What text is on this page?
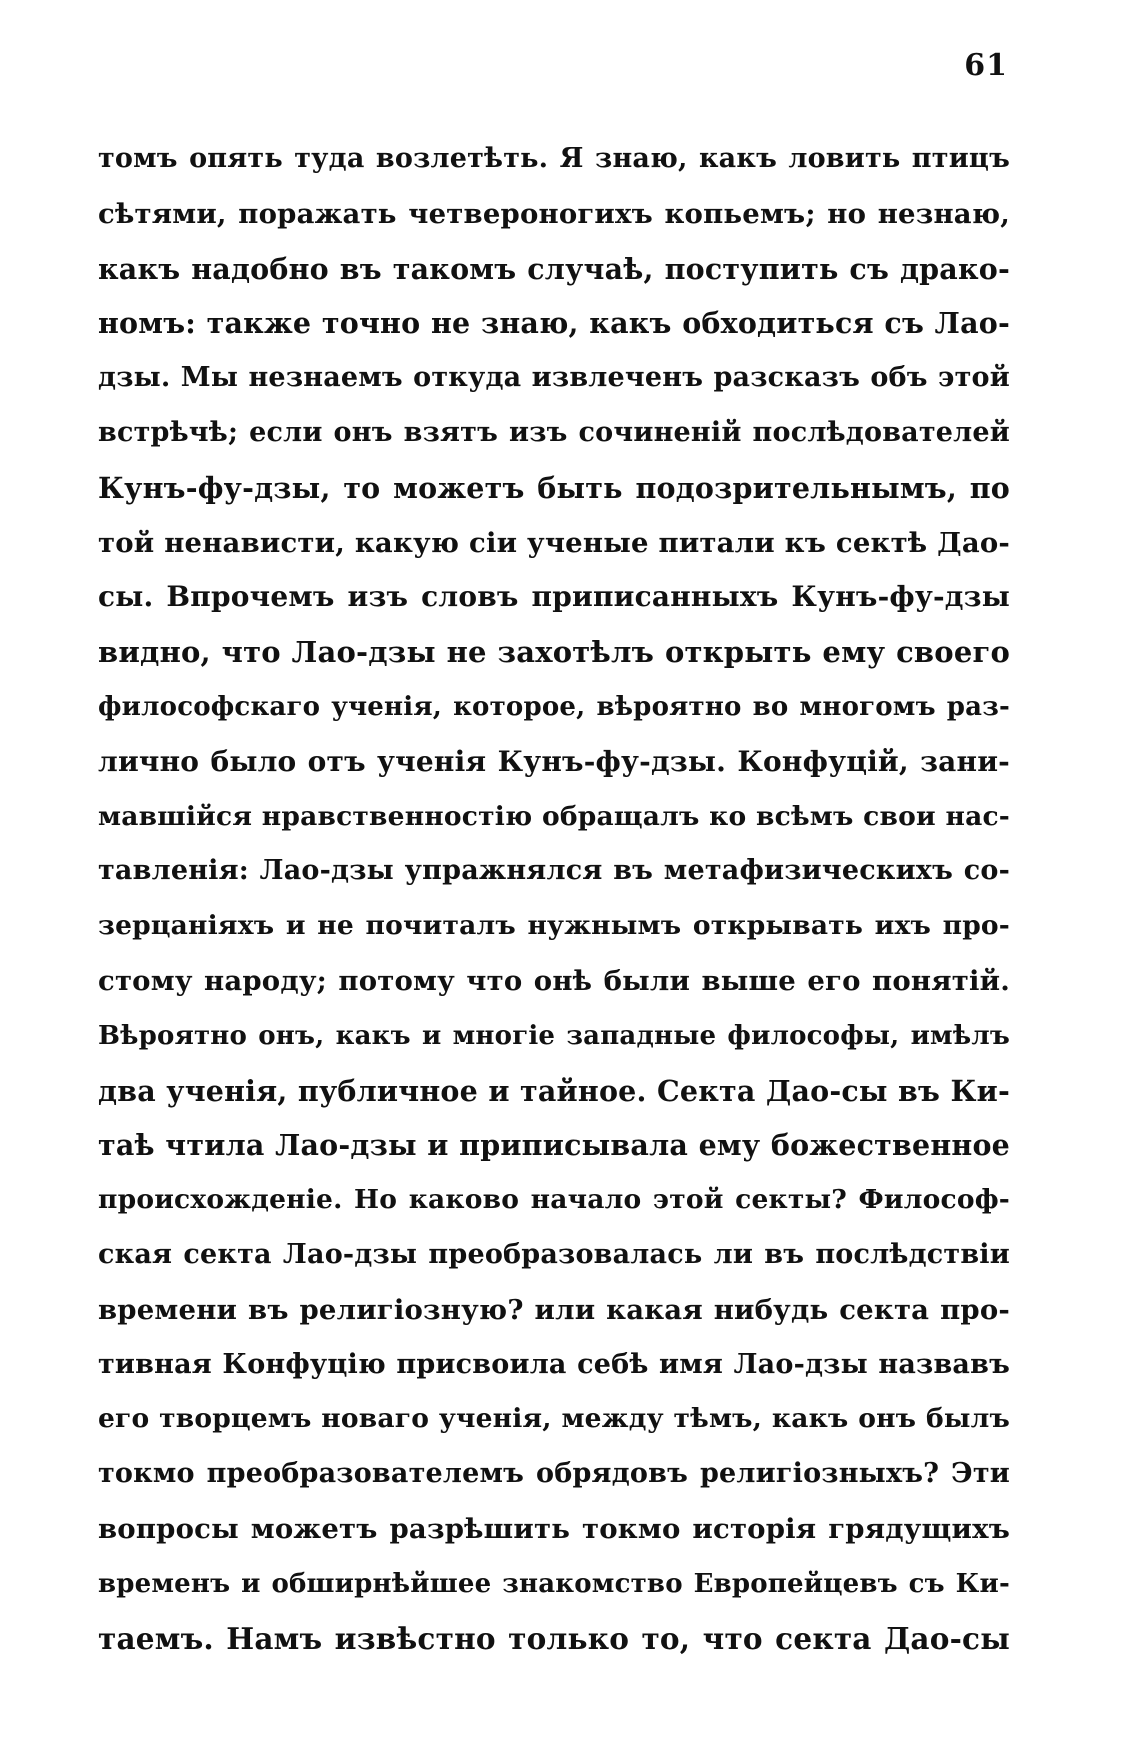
61
томъ опять туда возлетѣть. Я знаю, какъ ловить птицъ
сѣтями, поражать четвероногихъ копьемъ; но незнаю,
какъ надобно въ такомъ случаѣ, поступить съ драко-
номъ: также точно не знаю, какъ обходиться съ Лао-
дзы. Мы незнаемъ откуда извлеченъ разсказъ объ этой
встрѣчѣ; если онъ взятъ изъ сочиненій послѣдователей
Кунъ-фу-дзы, то можетъ быть подозрительнымъ, по
той ненависти, какую сіи ученые питали къ сектѣ Дао-
сы. Впрочемъ изъ словъ приписанныхъ Кунъ-фу-дзы
видно, что Лао-дзы не захотѣлъ открыть ему своего
философскаго ученія, которое, вѣроятно во многомъ раз-
лично было отъ ученія Кунъ-фу-дзы. Конфуцій, зани-
мавшійся нравственностію обращалъ ко всѣмъ свои нас-
тавленія: Лао-дзы упражнялся въ метафизическихъ со-
зерцаніяхъ и не почиталъ нужнымъ открывать ихъ про-
стому народу; потому что онѣ были выше его понятій.
Вѣроятно онъ, какъ и многіе западные философы, имѣлъ
два ученія, публичное и тайное. Секта Дао-сы въ Ки-
таѣ чтила Лао-дзы и приписывала ему божественное
происхожденіе. Но каково начало этой секты? Философ-
ская секта Лао-дзы преобразовалась ли въ послѣдствіи
времени въ религіозную? или какая нибудь секта про-
тивная Конфуцію присвоила себѣ имя Лао-дзы назвавъ
его творцемъ новаго ученія, между тѣмъ, какъ онъ былъ
токмо преобразователемъ обрядовъ религіозныхъ? Эти
вопросы можетъ разрѣшить токмо исторія грядущихъ
временъ и обширнѣйшее знакомство Европейцевъ съ Ки-
таемъ. Намъ извѣстно только то, что секта Дао-сы
